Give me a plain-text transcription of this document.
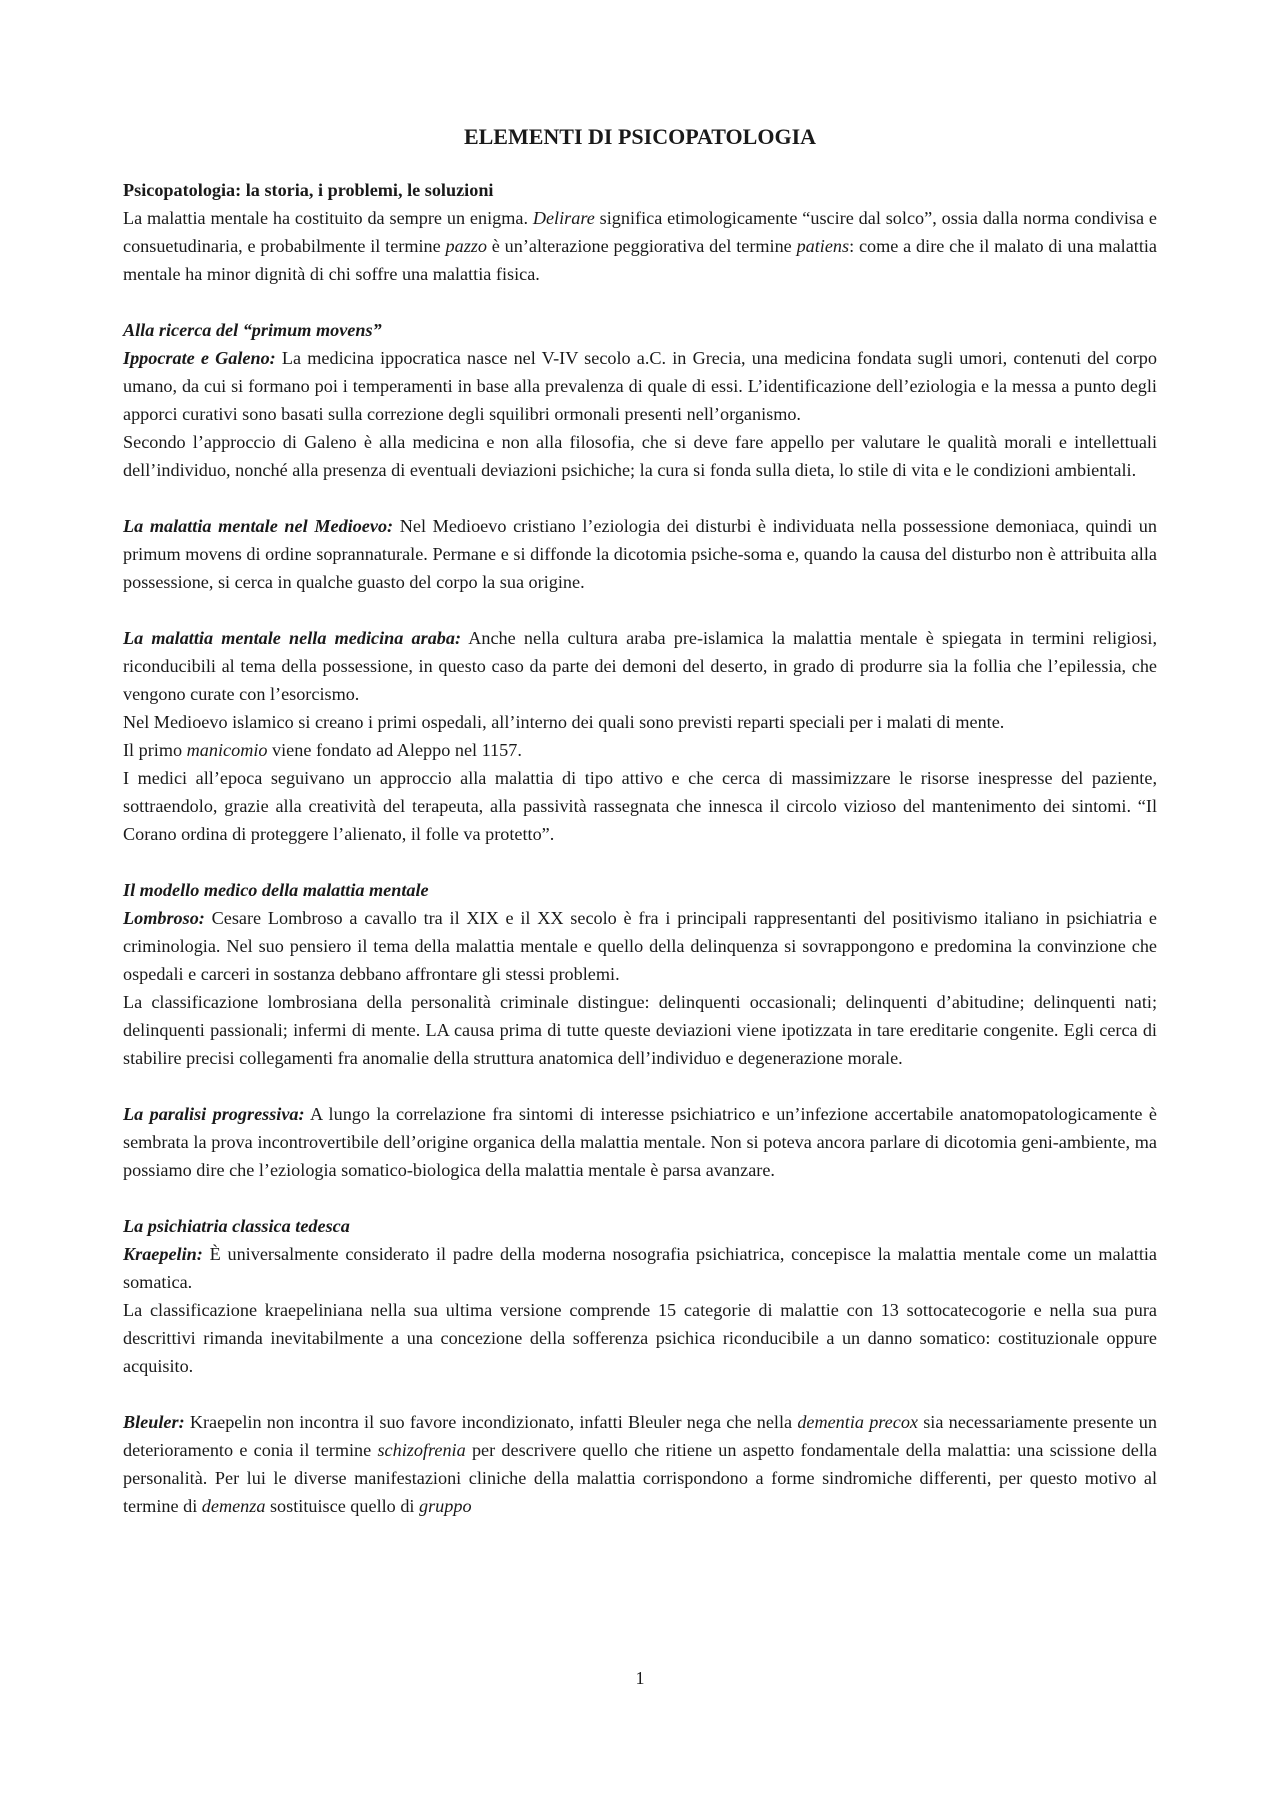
ELEMENTI DI PSICOPATOLOGIA
Psicopatologia: la storia, i problemi, le soluzioni

La malattia mentale ha costituito da sempre un enigma. Delirare significa etimologicamente “uscire dal solco”, ossia dalla norma condivisa e consuetudinaria, e probabilmente il termine pazzo è un’alterazione peggiorativa del termine patiens: come a dire che il malato di una malattia mentale ha minor dignità di chi soffre una malattia fisica.

Alla ricerca del “primum movens”

Ippocrate e Galeno: La medicina ippocratica nasce nel V-IV secolo a.C. in Grecia, una medicina fondata sugli umori, contenuti del corpo umano, da cui si formano poi i temperamenti in base alla prevalenza di quale di essi. L’identificazione dell’eziologia e la messa a punto degli apporci curativi sono basati sulla correzione degli squilibri ormonali presenti nell’organismo.

Secondo l’approccio di Galeno è alla medicina e non alla filosofia, che si deve fare appello per valutare le qualità morali e intellettuali dell’individuo, nonché alla presenza di eventuali deviazioni psichiche; la cura si fonda sulla dieta, lo stile di vita e le condizioni ambientali.

La malattia mentale nel Medioevo: Nel Medioevo cristiano l’eziologia dei disturbi è individuata nella possessione demoniaca, quindi un primum movens di ordine soprannaturale. Permane e si diffonde la dicotomia psiche-soma e, quando la causa del disturbo non è attribuita alla possessione, si cerca in qualche guasto del corpo la sua origine.

La malattia mentale nella medicina araba: Anche nella cultura araba pre-islamica la malattia mentale è spiegata in termini religiosi, riconducibili al tema della possessione, in questo caso da parte dei demoni del deserto, in grado di produrre sia la follia che l’epilessia, che vengono curate con l’esorcismo.

Nel Medioevo islamico si creano i primi ospedali, all’interno dei quali sono previsti reparti speciali per i malati di mente.

Il primo manicomio viene fondato ad Aleppo nel 1157.

I medici all’epoca seguivano un approccio alla malattia di tipo attivo e che cerca di massimizzare le risorse inespresse del paziente, sottraendolo, grazie alla creatività del terapeuta, alla passività rassegnata che innesca il circolo vizioso del mantenimento dei sintomi. “Il Corano ordina di proteggere l’alienato, il folle va protetto”.

Il modello medico della malattia mentale

Lombroso: Cesare Lombroso a cavallo tra il XIX e il XX secolo è fra i principali rappresentanti del positivismo italiano in psichiatria e criminologia. Nel suo pensiero il tema della malattia mentale e quello della delinquenza si sovrappongono e predomina la convinzione che ospedali e carceri in sostanza debbano affrontare gli stessi problemi.

La classificazione lombrosiana della personalità criminale distingue: delinquenti occasionali; delinquenti d’abitudine; delinquenti nati; delinquenti passionali; infermi di mente. LA causa prima di tutte queste deviazioni viene ipotizzata in tare ereditarie congenite. Egli cerca di stabilire precisi collegamenti fra anomalie della struttura anatomica dell’individuo e degenerazione morale.

La paralisi progressiva: A lungo la correlazione fra sintomi di interesse psichiatrico e un’infezione accertabile anatomopatologicamente è sembrata la prova incontrovertibile dell’origine organica della malattia mentale. Non si poteva ancora parlare di dicotomia geni-ambiente, ma possiamo dire che l’eziologia somatico-biologica della malattia mentale è parsa avanzare.

La psichiatria classica tedesca

Kraepelin: È universalmente considerato il padre della moderna nosografia psichiatrica, concepisce la malattia mentale come un malattia somatica.

La classificazione kraepeliniana nella sua ultima versione comprende 15 categorie di malattie con 13 sottocatecogorie e nella sua pura descrittivi rimanda inevitabilmente a una concezione della sofferenza psichica riconducibile a un danno somatico: costituzionale oppure acquisito.

Bleuler: Kraepelin non incontra il suo favore incondizionato, infatti Bleuler nega che nella dementia precox sia necessariamente presente un deterioramento e conia il termine schizofrenia per descrivere quello che ritiene un aspetto fondamentale della malattia: una scissione della personalità. Per lui le diverse manifestazioni cliniche della malattia corrispondono a forme sindromiche differenti, per questo motivo al termine di demenza sostituisce quello di gruppo

1
